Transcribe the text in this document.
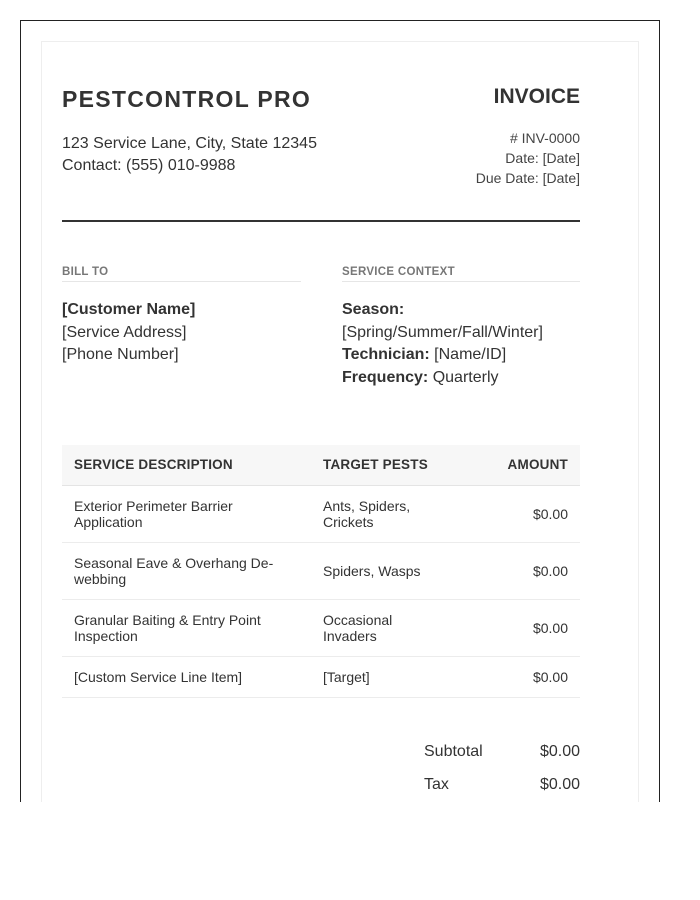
PESTCONTROL PRO
123 Service Lane, City, State 12345
Contact: (555) 010-9988
INVOICE
# INV-0000
Date: [Date]
Due Date: [Date]
BILL TO
[Customer Name]
[Service Address]
[Phone Number]
SERVICE CONTEXT
Season:
[Spring/Summer/Fall/Winter]
Technician: [Name/ID]
Frequency: Quarterly
SERVICE DESCRIPTION	TARGET PESTS	AMOUNT
Exterior Perimeter Barrier Application	Ants, Spiders, Crickets	$0.00
Seasonal Eave & Overhang De-webbing	Spiders, Wasps	$0.00
Granular Baiting & Entry Point Inspection	Occasional Invaders	$0.00
[Custom Service Line Item]	[Target]	$0.00
Subtotal	$0.00
Tax	$0.00
